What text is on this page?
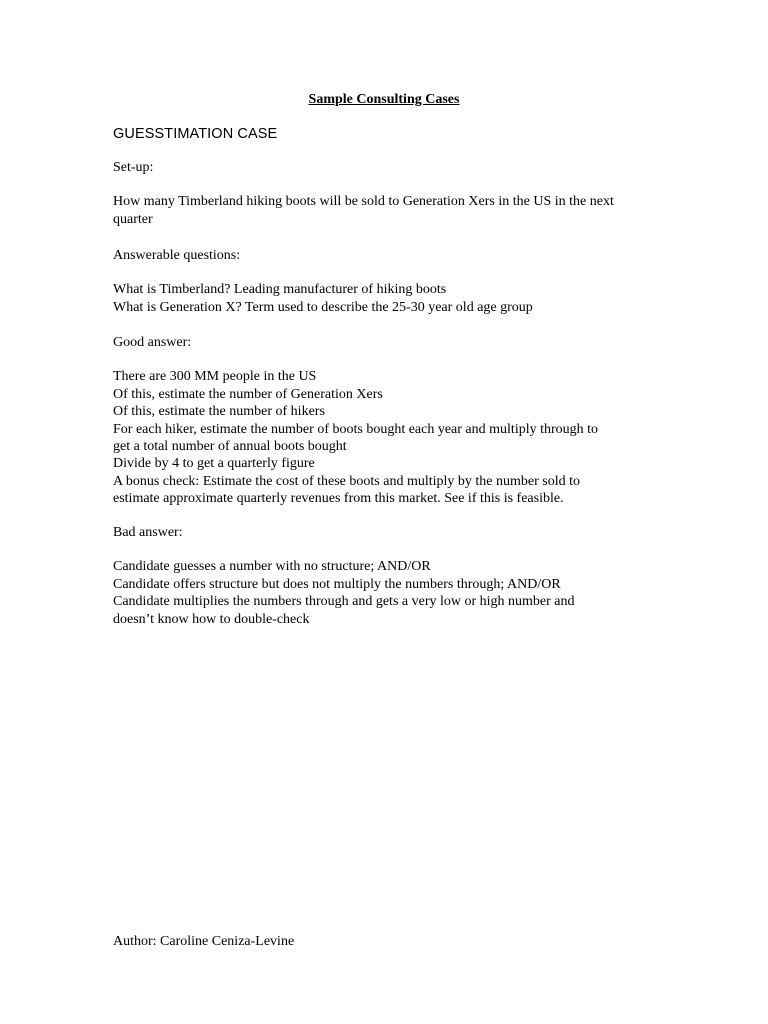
Sample Consulting Cases

GUESSTIMATION CASE

Set-up:

How many Timberland hiking boots will be sold to Generation Xers in the US in the next

quarter

Answerable questions:

What is Timberland? Leading manufacturer of hiking boots

What is Generation X? Term used to describe the 25-30 year old age group

Good answer:

There are 300 MM people in the US

Of this, estimate the number of Generation Xers

Of this, estimate the number of hikers

For each hiker, estimate the number of boots bought each year and multiply through to

get a total number of annual boots bought

Divide by 4 to get a quarterly figure

A bonus check: Estimate the cost of these boots and multiply by the number sold to

estimate approximate quarterly revenues from this market. See if this is feasible.

Bad answer:

Candidate guesses a number with no structure; AND/OR

Candidate offers structure but does not multiply the numbers through; AND/OR

Candidate multiplies the numbers through and gets a very low or high number and

doesn’t know how to double-check

Author: Caroline Ceniza-Levine
